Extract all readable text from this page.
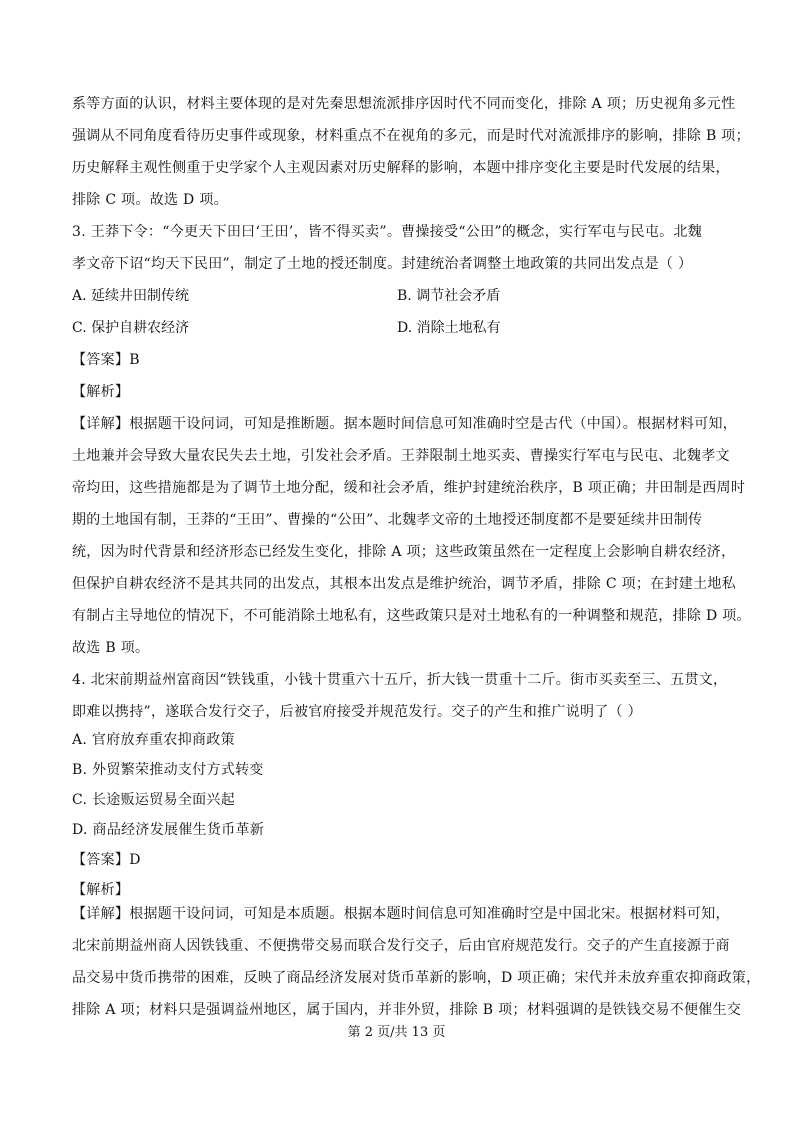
系等方面的认识，材料主要体现的是对先秦思想流派排序因时代不同而变化，排除 A 项；历史视角多元性
强调从不同角度看待历史事件或现象，材料重点不在视角的多元，而是时代对流派排序的影响，排除 B 项；
历史解释主观性侧重于史学家个人主观因素对历史解释的影响，本题中排序变化主要是时代发展的结果，
排除 C 项。故选 D 项。
3. 王莽下令：“今更天下田曰‘王田’，皆不得买卖”。曹操接受“公田”的概念，实行军屯与民屯。北魏
孝文帝下诏“均天下民田”，制定了土地的授还制度。封建统治者调整土地政策的共同出发点是（ ）
A. 延续井田制传统	B. 调节社会矛盾
C. 保护自耕农经济	D. 消除土地私有
【答案】B
【解析】
【详解】根据题干设问词，可知是推断题。据本题时间信息可知准确时空是古代（中国）。根据材料可知，
土地兼并会导致大量农民失去土地，引发社会矛盾。王莽限制土地买卖、曹操实行军屯与民屯、北魏孝文
帝均田，这些措施都是为了调节土地分配，缓和社会矛盾，维护封建统治秩序，B 项正确；井田制是西周时
期的土地国有制，王莽的“王田”、曹操的“公田”、北魏孝文帝的土地授还制度都不是要延续井田制传
统，因为时代背景和经济形态已经发生变化，排除 A 项；这些政策虽然在一定程度上会影响自耕农经济，
但保护自耕农经济不是其共同的出发点，其根本出发点是维护统治，调节矛盾，排除 C 项；在封建土地私
有制占主导地位的情况下，不可能消除土地私有，这些政策只是对土地私有的一种调整和规范，排除 D 项。
故选 B 项。
4. 北宋前期益州富商因“铁钱重，小钱十贯重六十五斤，折大钱一贯重十二斤。街市买卖至三、五贯文，
即难以携持”，遂联合发行交子，后被官府接受并规范发行。交子的产生和推广说明了（ ）
A. 官府放弃重农抑商政策
B. 外贸繁荣推动支付方式转变
C. 长途贩运贸易全面兴起
D. 商品经济发展催生货币革新
【答案】D
【解析】
【详解】根据题干设问词，可知是本质题。根据本题时间信息可知准确时空是中国北宋。根据材料可知，
北宋前期益州商人因铁钱重、不便携带交易而联合发行交子，后由官府规范发行。交子的产生直接源于商
品交易中货币携带的困难，反映了商品经济发展对货币革新的影响，D 项正确；宋代并未放弃重农抑商政策，
排除 A 项；材料只是强调益州地区，属于国内，并非外贸，排除 B 项；材料强调的是铁钱交易不便催生交
第 2 页/共 13 页
